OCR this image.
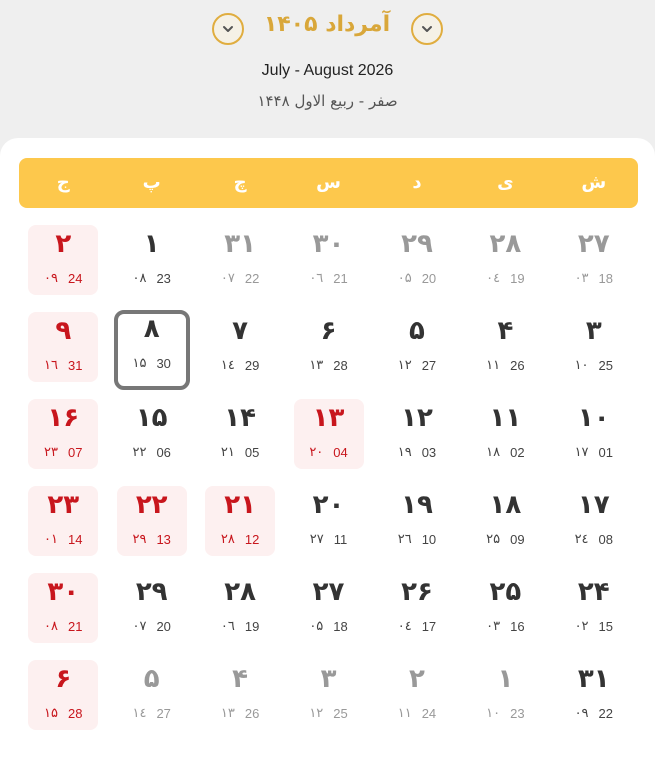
آمرداد ۱۴۰۵
July - August 2026
صفر - ربیع الاول ۱۴۴۸
ش
ی
د
س
چ
پ
ج
۲۷
۰۳ 18
۲۸
۰٤ 19
۲۹
۰۵ 20
۳۰
۰٦ 21
۳۱
۰۷ 22
۱
۰۸ 23
۲
۰۹ 24
۳
۱۰ 25
۴
۱۱ 26
۵
۱۲ 27
۶
۱۳ 28
۷
۱٤ 29
۸
۱۵ 30
۹
۱٦ 31
۱۰
۱۷ 01
۱۱
۱۸ 02
۱۲
۱۹ 03
۱۳
۲۰ 04
۱۴
۲۱ 05
۱۵
۲۲ 06
۱۶
۲۳ 07
۱۷
۲٤ 08
۱۸
۲۵ 09
۱۹
۲٦ 10
۲۰
۲۷ 11
۲۱
۲۸ 12
۲۲
۲۹ 13
۲۳
۰۱ 14
۲۴
۰۲ 15
۲۵
۰۳ 16
۲۶
۰٤ 17
۲۷
۰۵ 18
۲۸
۰٦ 19
۲۹
۰۷ 20
۳۰
۰۸ 21
۳۱
۰۹ 22
۱
۱۰ 23
۲
۱۱ 24
۳
۱۲ 25
۴
۱۳ 26
۵
۱٤ 27
۶
۱۵ 28
